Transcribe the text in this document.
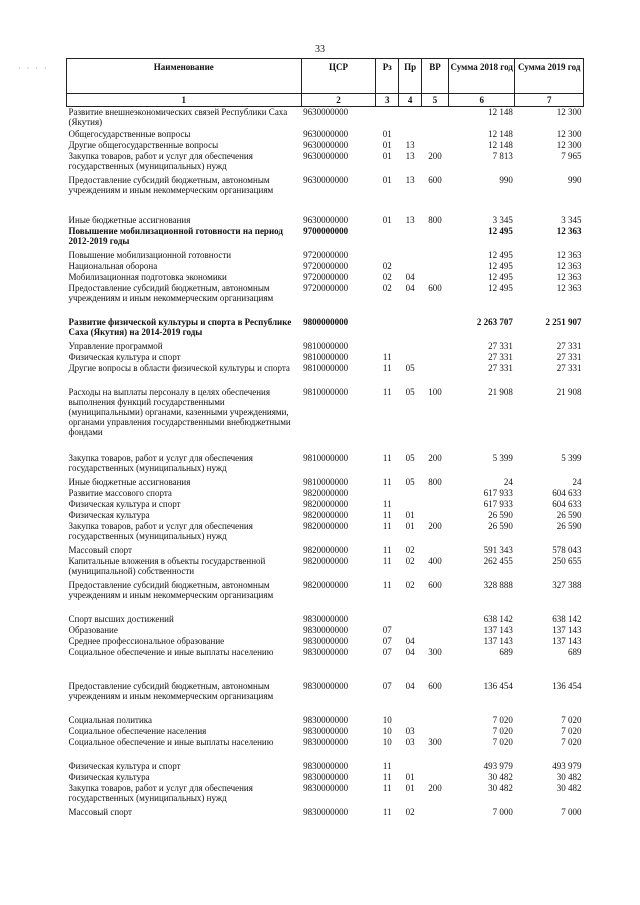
33
· · · ·	Наименование	ЦСР	Рз	Пр	ВР	Сумма 2018 год	Сумма 2019 год
1	2	3	4	5	6	7
Развитие внешнеэкономических связей Республики Саха (Якутия)	9630000000				12 148	12 300
Общегосударственные вопросы	9630000000	01			12 148	12 300
Другие общегосударственные вопросы	9630000000	01	13		12 148	12 300
Закупка товаров, работ и услуг для обеспечения государственных (муниципальных) нужд	9630000000	01	13	200	7 813	7 965
Предоставление субсидий бюджетным, автономным учреждениям и иным некоммерческим организациям	9630000000	01	13	600	990	990
Иные бюджетные ассигнования	9630000000	01	13	800	3 345	3 345
Повышение мобилизационной готовности на период 2012-2019 годы	9700000000				12 495	12 363
Повышение мобилизационной готовности	9720000000				12 495	12 363
Национальная оборона	9720000000	02			12 495	12 363
Мобилизационная подготовка экономики	9720000000	02	04		12 495	12 363
Предоставление субсидий бюджетным, автономным учреждениям и иным некоммерческим организациям	9720000000	02	04	600	12 495	12 363
Развитие физической культуры и спорта в Республике Саха (Якутия) на 2014-2019 годы	9800000000				2 263 707	2 251 907
Управление программой	9810000000				27 331	27 331
Физическая культура и спорт	9810000000	11			27 331	27 331
Другие вопросы в области физической культуры и спорта	9810000000	11	05		27 331	27 331
Расходы на выплаты персоналу в целях обеспечения выполнения функций государственными (муниципальными) органами, казенными учреждениями, органами управления государственными внебюджетными фондами	9810000000	11	05	100	21 908	21 908
Закупка товаров, работ и услуг для обеспечения государственных (муниципальных) нужд	9810000000	11	05	200	5 399	5 399
Иные бюджетные ассигнования	9810000000	11	05	800	24	24
Развитие массового спорта	9820000000				617 933	604 633
Физическая культура и спорт	9820000000	11			617 933	604 633
Физическая культура	9820000000	11	01		26 590	26 590
Закупка товаров, работ и услуг для обеспечения государственных (муниципальных) нужд	9820000000	11	01	200	26 590	26 590
Массовый спорт	9820000000	11	02		591 343	578 043
Капитальные вложения в объекты государственной (муниципальной) собственности	9820000000	11	02	400	262 455	250 655
Предоставление субсидий бюджетным, автономным учреждениям и иным некоммерческим организациям	9820000000	11	02	600	328 888	327 388
Спорт высших достижений	9830000000				638 142	638 142
Образование	9830000000	07			137 143	137 143
Среднее профессиональное образование	9830000000	07	04		137 143	137 143
Социальное обеспечение и иные выплаты населению	9830000000	07	04	300	689	689
Предоставление субсидий бюджетным, автономным учреждениям и иным некоммерческим организациям	9830000000	07	04	600	136 454	136 454
Социальная политика	9830000000	10			7 020	7 020
Социальное обеспечение населения	9830000000	10	03		7 020	7 020
Социальное обеспечение и иные выплаты населению	9830000000	10	03	300	7 020	7 020
Физическая культура и спорт	9830000000	11			493 979	493 979
Физическая культура	9830000000	11	01		30 482	30 482
Закупка товаров, работ и услуг для обеспечения государственных (муниципальных) нужд	9830000000	11	01	200	30 482	30 482
Массовый спорт	9830000000	11	02		7 000	7 000
